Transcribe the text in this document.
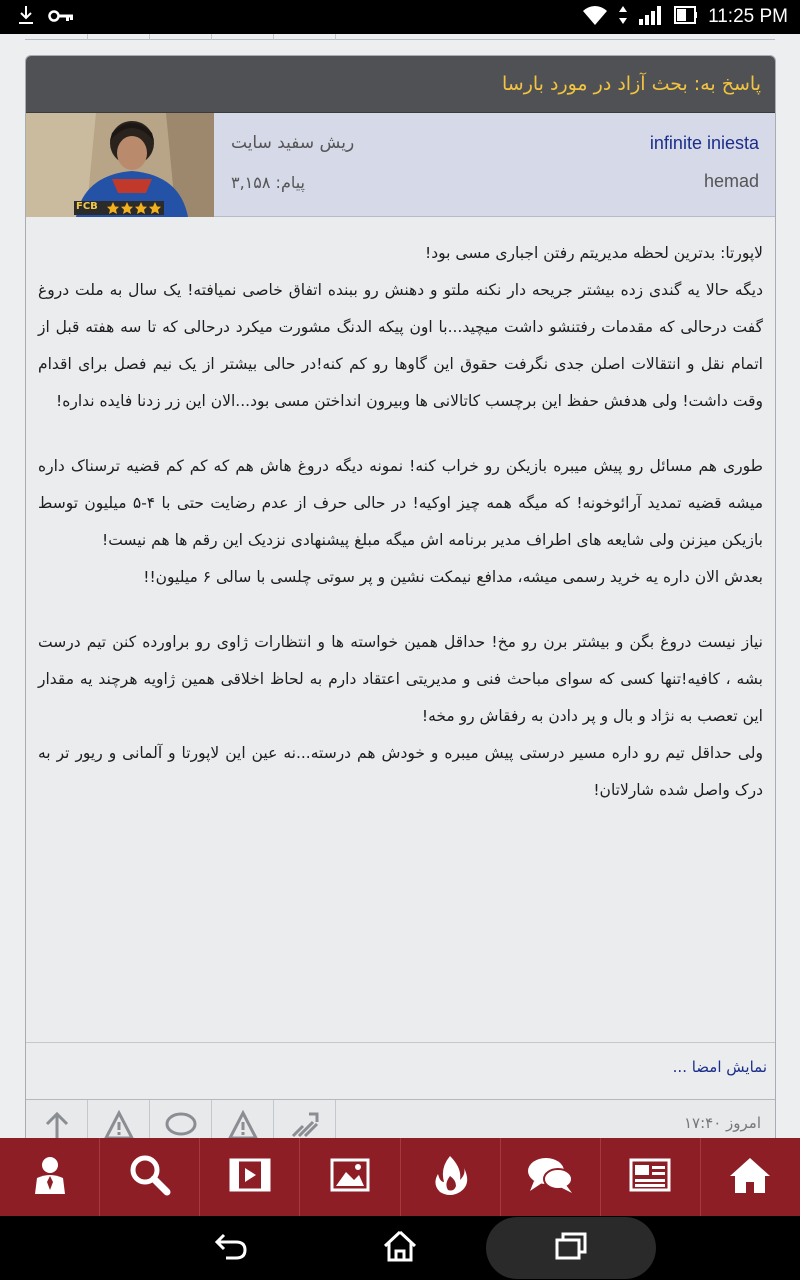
11:25 PM
پاسخ به: بحث آزاد در مورد بارسا
FCB
infinite iniesta
ریش سفید سایت
hemad
پیام: ۳,۱۵۸

لاپورتا: بدترین لحظه مدیریتم رفتن اجباری مسی بود!

دیگه حالا یه گندی زده بیشتر جریحه دار نکنه ملتو و دهنش رو ببنده اتفاق خاصی نمیافته! یک سال به ملت دروغ گفت درحالی که مقدمات رفتنشو داشت میچید...با اون پیکه الدنگ مشورت میکرد درحالی که تا سه هفته قبل از اتمام نقل و انتقالات اصلن جدی نگرفت حقوق این گاوها رو کم کنه!در حالی بیشتر از یک نیم فصل برای اقدام وقت داشت! ولی هدفش حفظ این برچسب کاتالانی ها وبیرون انداختن مسی بود...الان این زر زدنا فایده نداره!

طوری هم مسائل رو پیش میبره بازیکن رو خراب کنه! نمونه دیگه دروغ هاش هم که کم کم قضیه ترسناک داره میشه قضیه تمدید آرائوخونه! که میگه همه چیز اوکیه! در حالی حرف از عدم رضایت حتی با ۴-۵ میلیون توسط بازیکن میزنن ولی شایعه های اطراف مدیر برنامه اش میگه مبلغ پیشنهادی نزدیک این رقم ها هم نیست!

بعدش الان داره یه خرید رسمی میشه، مدافع نیمکت نشین و پر سوتی چلسی با سالی ۶ میلیون!!

نیاز نیست دروغ بگن و بیشتر برن رو مخ! حداقل همین خواسته ها و انتظارات ژاوی رو براورده کنن تیم درست بشه ، کافیه!تنها کسی که سوای مباحث فنی و مدیریتی اعتقاد دارم به لحاظ اخلاقی همین ژاویه هرچند یه مقدار این تعصب به نژاد و بال و پر دادن به رفقاش رو مخه!

ولی حداقل تیم رو داره مسیر درستی پیش میبره و خودش هم درسته...نه عین این لاپورتا و آلمانی و ریور تر به درک واصل شده شارلاتان!

نمایش امضا ...
امروز ۱۷:۴۰
